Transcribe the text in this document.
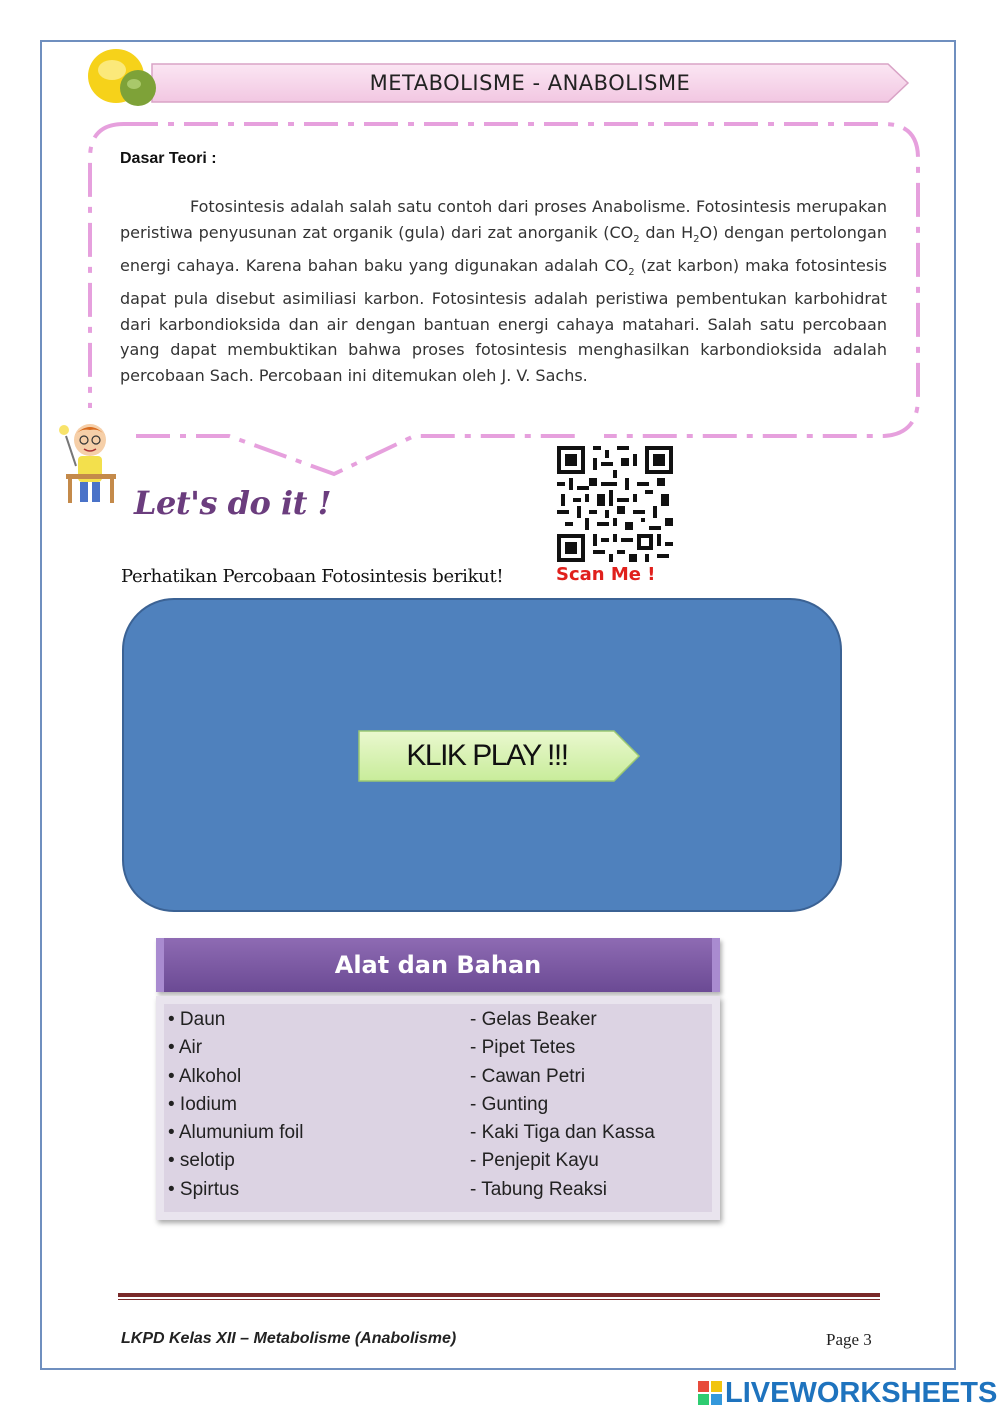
METABOLISME - ANABOLISME
Dasar Teori :
Fotosintesis adalah salah satu contoh dari proses Anabolisme. Fotosintesis merupakan peristiwa penyusunan zat organik (gula) dari zat anorganik ($CO_2$ dan $H_2O$) dengan pertolongan energi cahaya. Karena bahan baku yang digunakan adalah $CO_2$ (zat karbon) maka fotosintesis dapat pula disebut asimiliasi karbon. Fotosintesis adalah peristiwa pembentukan karbohidrat dari karbondioksida dan air dengan bantuan energi cahaya matahari. Salah satu percobaan yang dapat membuktikan bahwa proses fotosintesis menghasilkan karbondioksida adalah percobaan Sach. Percobaan ini ditemukan oleh J. V. Sachs.
Let's do it !
Scan Me !
Perhatikan Percobaan Fotosintesis berikut!
KLIK PLAY !!!
Alat dan Bahan
• Daun
• Air
• Alkohol
• Iodium
• Alumunium foil
• selotip
• Spirtus
- Gelas Beaker
- Pipet Tetes
- Cawan Petri
- Gunting
- Kaki Tiga dan Kassa
- Penjepit Kayu
- Tabung Reaksi
LKPD Kelas XII – Metabolisme (Anabolisme)	Page 3
LIVEWORKSHEETS
